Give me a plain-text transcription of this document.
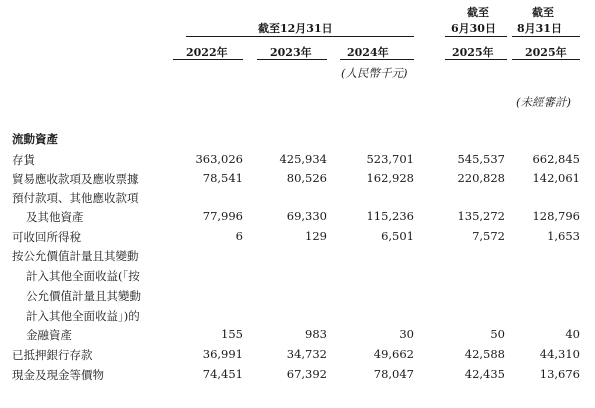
截至12月31日
截至
6月30日
截至
8月31日
2022年	2023年	2024年	2025年	2025年
(人民幣千元)
(未經審計)
流動資產
存貨	363,026	425,934	523,701	545,537 662,845
貿易應收款項及應收票據	78,541	80,526	162,928	220,828 142,061
預付款項、其他應收款項
及其他資產	77,996	69,330	115,236	135,272 128,796
可收回所得稅	6	129	6,501	7,572	1,653
按公允價值計量且其變動
計入其他全面收益(「按
公允價值計量且其變動
計入其他全面收益」)的
金融資產	155	983	30	50	40
已抵押銀行存款	36,991	34,732	49,662	42,588	44,310
現金及現金等價物	74,451	67,392	78,047	42,435	13,676
